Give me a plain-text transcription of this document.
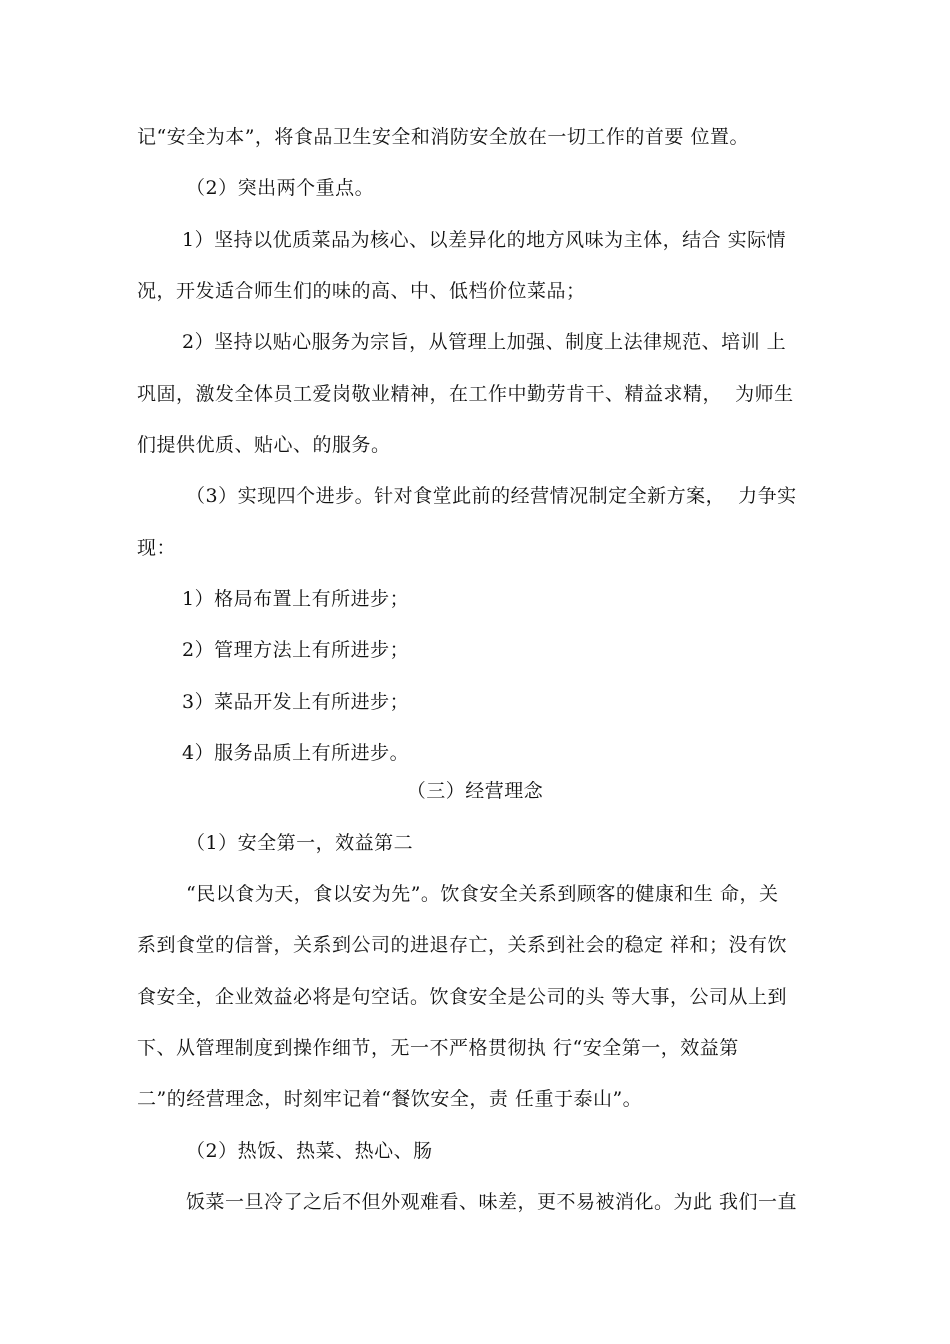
记“安全为本”，将食品卫生安全和消防安全放在一切工作的首要 位置。
（2）突出两个重点。
1）坚持以优质菜品为核心、以差异化的地方风味为主体，结合 实际情
况，开发适合师生们的味的高、中、低档价位菜品；
2）坚持以贴心服务为宗旨，从管理上加强、制度上法律规范、培训 上
巩固，激发全体员工爱岗敬业精神，在工作中勤劳肯干、精益求精，  为师生
们提供优质、贴心、的服务。
（3）实现四个进步。针对食堂此前的经营情况制定全新方案，  力争实
现：
1）格局布置上有所进步；
2）管理方法上有所进步；
3）菜品开发上有所进步；
4）服务品质上有所进步。
（三）经营理念
（1）安全第一，效益第二
“民以食为天，食以安为先”。饮食安全关系到顾客的健康和生 命，关
系到食堂的信誉，关系到公司的进退存亡，关系到社会的稳定 祥和；没有饮
食安全，企业效益必将是句空话。饮食安全是公司的头 等大事，公司从上到
下、从管理制度到操作细节，无一不严格贯彻执 行“安全第一，效益第
二”的经营理念，时刻牢记着“餐饮安全，责 任重于泰山”。
（2）热饭、热菜、热心、肠
饭菜一旦冷了之后不但外观难看、味差，更不易被消化。为此 我们一直
